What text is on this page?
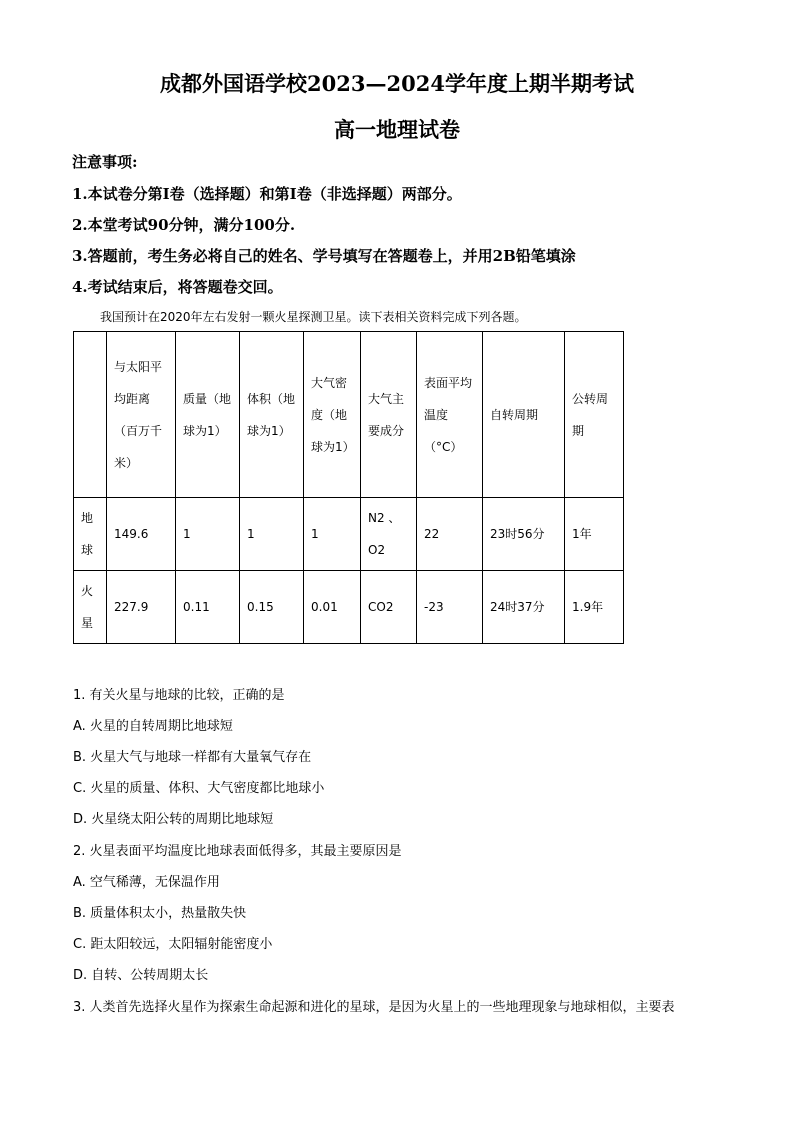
成都外国语学校2023—2024学年度上期半期考试
高一地理试卷
注意事项:
1.本试卷分第Ⅰ卷（选择题）和第Ⅰ卷（非选择题）两部分。
2.本堂考试90分钟，满分100分.
3.答题前，考生务必将自己的姓名、学号填写在答题卷上，并用2B铅笔填涂
4.考试结束后，将答题卷交回。
我国预计在2020年左右发射一颗火星探测卫星。读下表相关资料完成下列各题。
	与太阳平均距离（百万千米）	质量（地球为1）	体积（地球为1）	大气密度（地球为1）	大气主要成分	表面平均温度（°C）	自转周期	公转周期
地球	149.6	1	1	1	N2 、O2	22	23时56分	1年
火星	227.9	0.11	0.15	0.01	CO2	-23	24时37分	1.9年
1. 有关火星与地球的比较，正确的是
A. 火星的自转周期比地球短
B. 火星大气与地球一样都有大量氧气存在
C. 火星的质量、体积、大气密度都比地球小
D. 火星绕太阳公转的周期比地球短
2. 火星表面平均温度比地球表面低得多，其最主要原因是
A. 空气稀薄，无保温作用
B. 质量体积太小，热量散失快
C. 距太阳较远，太阳辐射能密度小
D. 自转、公转周期太长
3. 人类首先选择火星作为探索生命起源和进化的星球，是因为火星上的一些地理现象与地球相似，主要表
